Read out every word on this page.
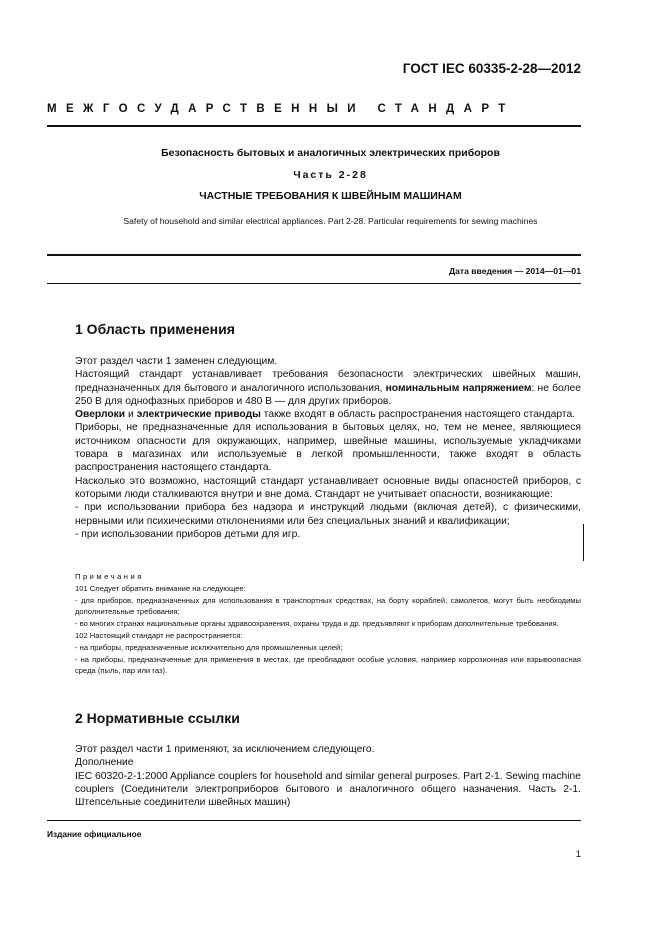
ГОСТ IEC 60335-2-28—2012
МЕЖГОСУДАРСТВЕННЫЙ СТАНДАРТ
Безопасность бытовых и аналогичных электрических приборов
Часть 2-28
ЧАСТНЫЕ ТРЕБОВАНИЯ К ШВЕЙНЫМ МАШИНАМ
Safety of household and similar electrical appliances. Part 2-28. Particular requirements for sewing machines
Дата введения — 2014—01—01
1 Область применения

Этот раздел части 1 заменен следующим.

Настоящий стандарт устанавливает требования безопасности электрических швейных машин, предназначенных для бытового и аналогичного использования, номинальным напряжением: не более 250 В для однофазных приборов и 480 В — для других приборов.

Оверлоки и электрические приводы также входят в область распространения настоящего стандарта.

Приборы, не предназначенные для использования в бытовых целях, но, тем не менее, являющиеся источником опасности для окружающих, например, швейные машины, используемые укладчиками товара в магазинах или используемые в легкой промышленности, также входят в область распространения настоящего стандарта.

Насколько это возможно, настоящий стандарт устанавливает основные виды опасностей приборов, с которыми люди сталкиваются внутри и вне дома. Стандарт не учитывает опасности, возникающие:

- при использовании прибора без надзора и инструкций людьми (включая детей), с физическими, нервными или психическими отклонениями или без специальных знаний и квалификации;

- при использовании приборов детьми для игр.

Примечания

101 Следует обратить внимание на следующее:

- для приборов, предназначенных для использования в транспортных средствах, на борту кораблей, самолетов, могут быть необходимы дополнительные требования;

- во многих странах национальные органы здравоохранения, охраны труда и др. предъявляют к приборам дополнительные требования.

102 Настоящий стандарт не распространяется:

- на приборы, предназначенные исключительно для промышленных целей;

- на приборы, предназначенные для применения в местах, где преобладают особые условия, например коррозионная или взрывоопасная среда (пыль, пар или газ).

2 Нормативные ссылки

Этот раздел части 1 применяют, за исключением следующего.

Дополнение

IEC 60320-2-1:2000 Appliance couplers for household and similar general purposes. Part 2-1. Sewing machine couplers (Соединители электроприборов бытового и аналогичного общего назначения. Часть 2-1. Штепсельные соединители швейных машин)

Издание официальное
1
